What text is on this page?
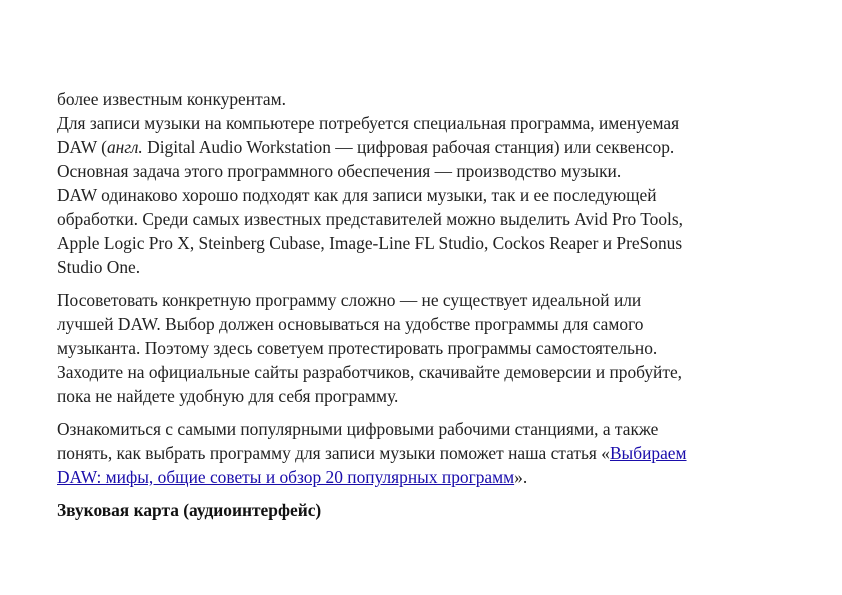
более известным конкурентам.
Для записи музыки на компьютере потребуется специальная программа, именуемая
DAW (англ. Digital Audio Workstation — цифровая рабочая станция) или секвенсор.
Основная задача этого программного обеспечения — производство музыки.
DAW одинаково хорошо подходят как для записи музыки, так и ее последующей
обработки. Среди самых известных представителей можно выделить Avid Pro Tools,
Apple Logic Pro X, Steinberg Cubase, Image-Line FL Studio, Cockos Reaper и PreSonus
Studio One.
Посоветовать конкретную программу сложно — не существует идеальной или
лучшей DAW. Выбор должен основываться на удобстве программы для самого
музыканта. Поэтому здесь советуем протестировать программы самостоятельно.
Заходите на официальные сайты разработчиков, скачивайте демоверсии и пробуйте,
пока не найдете удобную для себя программу.
Ознакомиться с самыми популярными цифровыми рабочими станциями, а также
понять, как выбрать программу для записи музыки поможет наша статья «Выбираем
DAW: мифы, общие советы и обзор 20 популярных программ».
Звуковая карта (аудиоинтерфейс)
